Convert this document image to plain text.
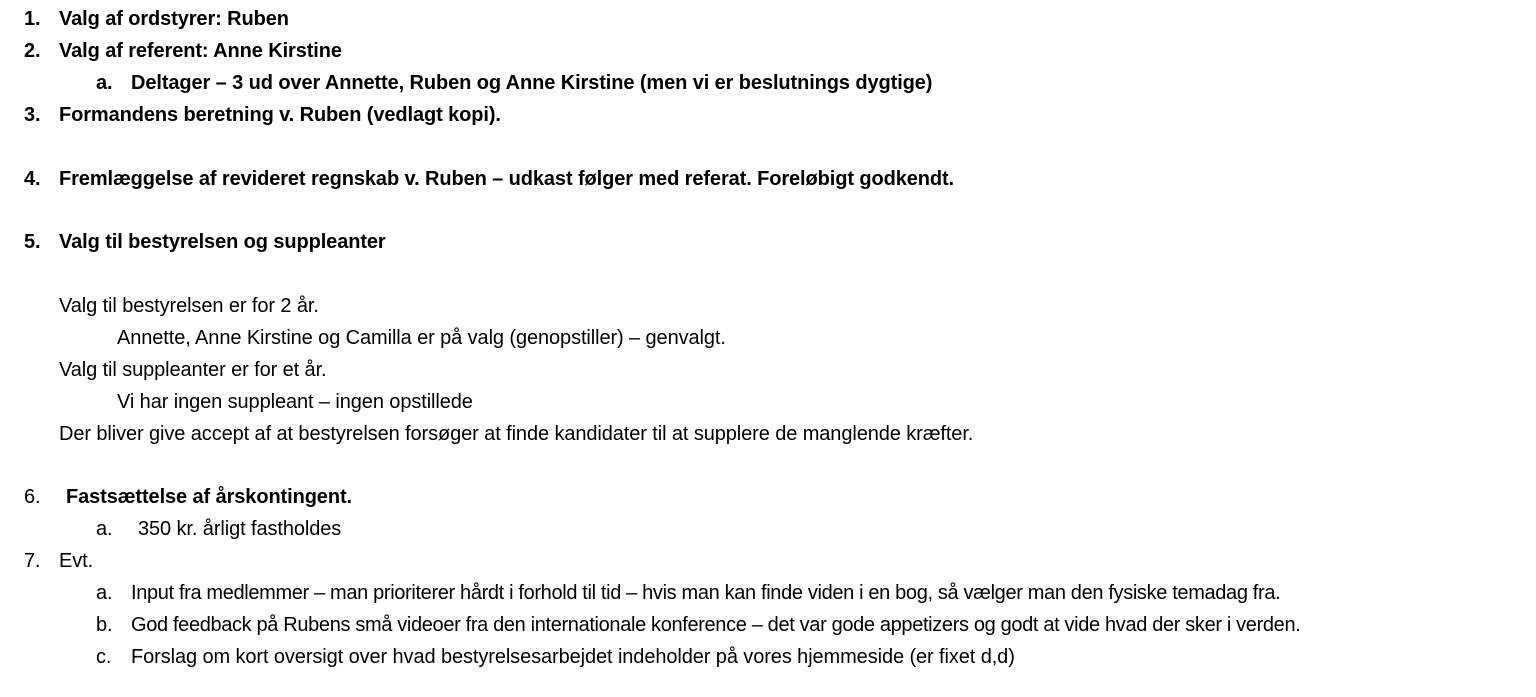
1. Valg af ordstyrer: Ruben
2. Valg af referent: Anne Kirstine
a. Deltager – 3 ud over Annette, Ruben og Anne Kirstine (men vi er beslutnings dygtige)
3. Formandens beretning v. Ruben (vedlagt kopi).
4. Fremlæggelse af revideret regnskab v. Ruben – udkast følger med referat. Foreløbigt godkendt.
5. Valg til bestyrelsen og suppleanter
Valg til bestyrelsen er for 2 år.
Annette, Anne Kirstine og Camilla er på valg (genopstiller) – genvalgt.
Valg til suppleanter er for et år.
Vi har ingen suppleant – ingen opstillede
Der bliver give accept af at bestyrelsen forsøger at finde kandidater til at supplere de manglende kræfter.
6. Fastsættelse af årskontingent.
a. 350 kr. årligt fastholdes
7. Evt.
a. Input fra medlemmer – man prioriterer hårdt i forhold til tid – hvis man kan finde viden i en bog, så vælger man den fysiske temadag fra.
b. God feedback på Rubens små videoer fra den internationale konference – det var gode appetizers og godt at vide hvad der sker i verden.
c. Forslag om kort oversigt over hvad bestyrelsesarbejdet indeholder på vores hjemmeside (er fixet d,d)
